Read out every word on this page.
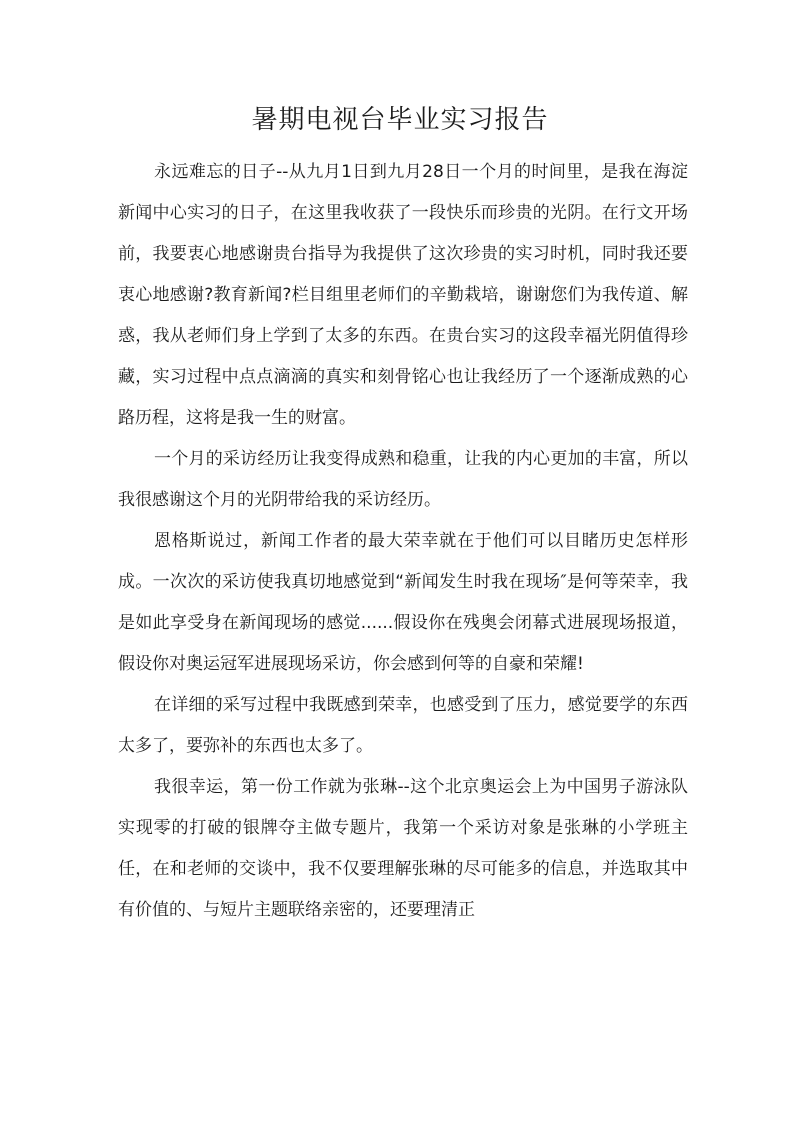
暑期电视台毕业实习报告

永远难忘的日子--从九月1日到九月28日一个月的时间里，是我在海淀新闻中心实习的日子，在这里我收获了一段快乐而珍贵的光阴。在行文开场前，我要衷心地感谢贵台指导为我提供了这次珍贵的实习时机，同时我还要衷心地感谢?教育新闻?栏目组里老师们的辛勤栽培，谢谢您们为我传道、解惑，我从老师们身上学到了太多的东西。在贵台实习的这段幸福光阴值得珍藏，实习过程中点点滴滴的真实和刻骨铭心也让我经历了一个逐渐成熟的心路历程，这将是我一生的财富。

一个月的采访经历让我变得成熟和稳重，让我的内心更加的丰富，所以我很感谢这个月的光阴带给我的采访经历。

恩格斯说过，新闻工作者的最大荣幸就在于他们可以目睹历史怎样形成。一次次的采访使我真切地感觉到“新闻发生时我在现场″是何等荣幸，我是如此享受身在新闻现场的感觉......假设你在残奥会闭幕式进展现场报道，假设你对奥运冠军进展现场采访，你会感到何等的自豪和荣耀!

在详细的采写过程中我既感到荣幸，也感受到了压力，感觉要学的东西太多了，要弥补的东西也太多了。

我很幸运，第一份工作就为张琳--这个北京奥运会上为中国男子游泳队实现零的打破的银牌夺主做专题片，我第一个采访对象是张琳的小学班主任，在和老师的交谈中，我不仅要理解张琳的尽可能多的信息，并选取其中有价值的、与短片主题联络亲密的，还要理清正
